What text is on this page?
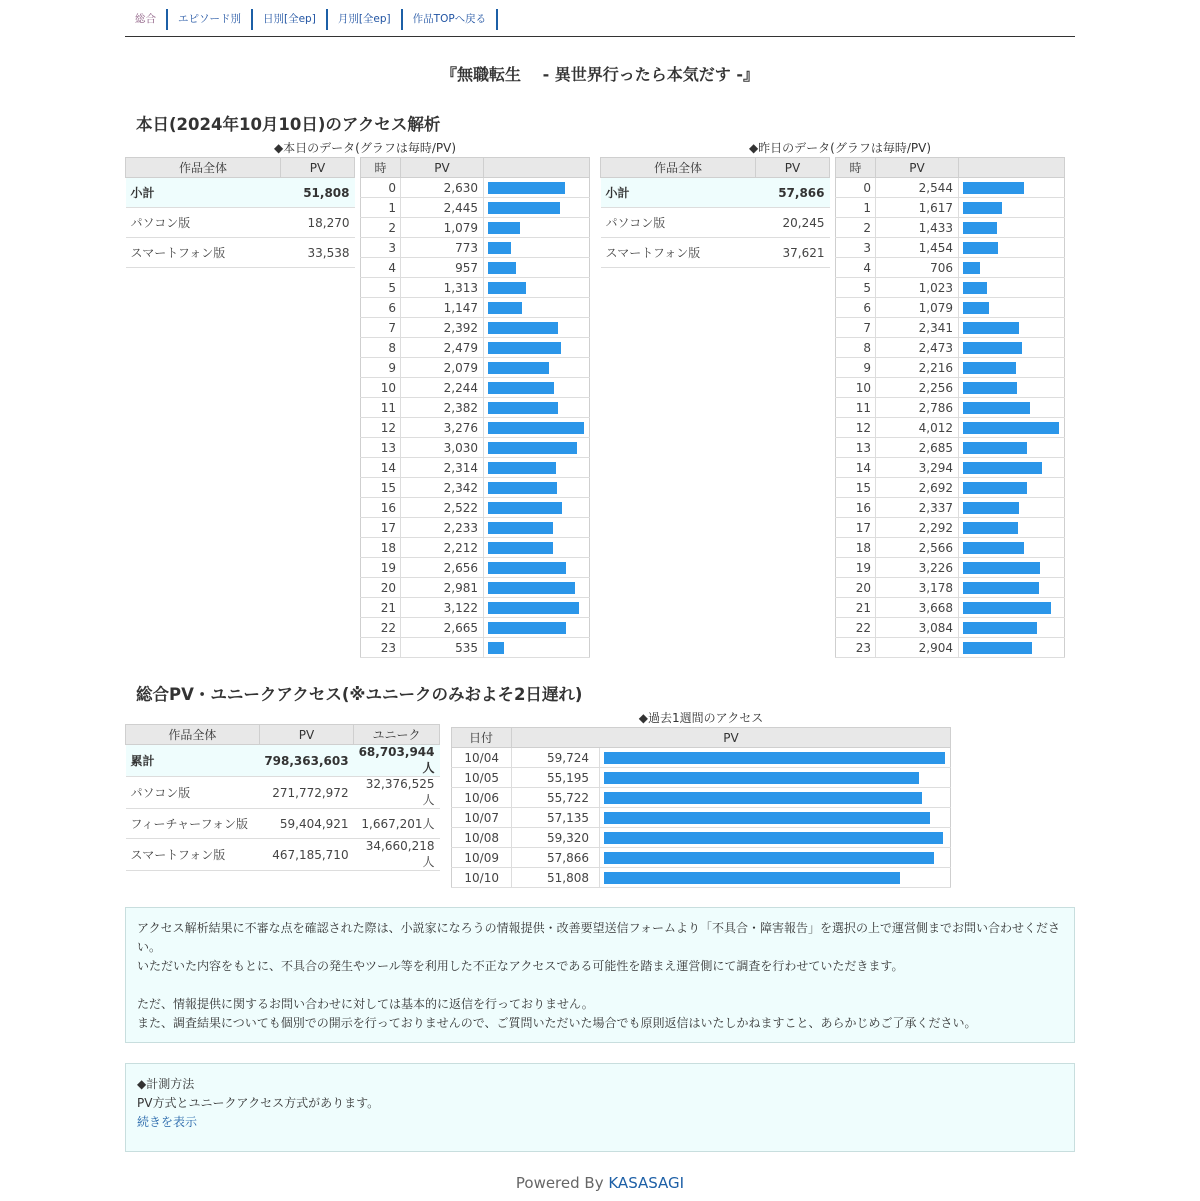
総合	エピソード別	日別[全ep]	月別[全ep]	作品TOPへ戻る
『無職転生　 - 異世界行ったら本気だす -』
本日(2024年10月10日)のアクセス解析
◆本日のデータ(グラフは毎時/PV)	◆昨日のデータ(グラフは毎時/PV)
作品全体	PV
小計	51,808
パソコン版	18,270
スマートフォン版	33,538
時	PV	
0	2,630	

1	2,445	

2	1,079	

3	773	

4	957	

5	1,313	

6	1,147	

7	2,392	

8	2,479	

9	2,079	

10	2,244	

11	2,382	

12	3,276	

13	3,030	

14	2,314	

15	2,342	

16	2,522	

17	2,233	

18	2,212	

19	2,656	

20	2,981	

21	3,122	

22	2,665	

23	535	
作品全体	PV
小計	57,866
パソコン版	20,245
スマートフォン版	37,621
時	PV	
0	2,544	

1	1,617	

2	1,433	

3	1,454	

4	706	

5	1,023	

6	1,079	

7	2,341	

8	2,473	

9	2,216	

10	2,256	

11	2,786	

12	4,012	

13	2,685	

14	3,294	

15	2,692	

16	2,337	

17	2,292	

18	2,566	

19	3,226	

20	3,178	

21	3,668	

22	3,084	

23	2,904	
総合PV・ユニークアクセス(※ユニークのみおよそ2日遅れ)
作品全体	PV	ユニーク
累計	798,363,603	68,703,944人
パソコン版	271,772,972	32,376,525人
フィーチャーフォン版	59,404,921	1,667,201人
スマートフォン版	467,185,710	34,660,218人
◆過去1週間のアクセス
日付	PV	
10/04	59,724	

10/05	55,195	

10/06	55,722	

10/07	57,135	

10/08	59,320	

10/09	57,866	

10/10	51,808	
アクセス解析結果に不審な点を確認された際は、小説家になろうの情報提供・改善要望送信フォームより「不具合・障害報告」を選択の上で運営側までお問い合わせください。
いただいた内容をもとに、不具合の発生やツール等を利用した不正なアクセスである可能性を踏まえ運営側にて調査を行わせていただきます。
ただ、情報提供に関するお問い合わせに対しては基本的に返信を行っておりません。
また、調査結果についても個別での開示を行っておりませんので、ご質問いただいた場合でも原則返信はいたしかねますこと、あらかじめご了承ください。
◆計測方法
PV方式とユニークアクセス方式があります。
続きを表示
Powered By KASASAGI
